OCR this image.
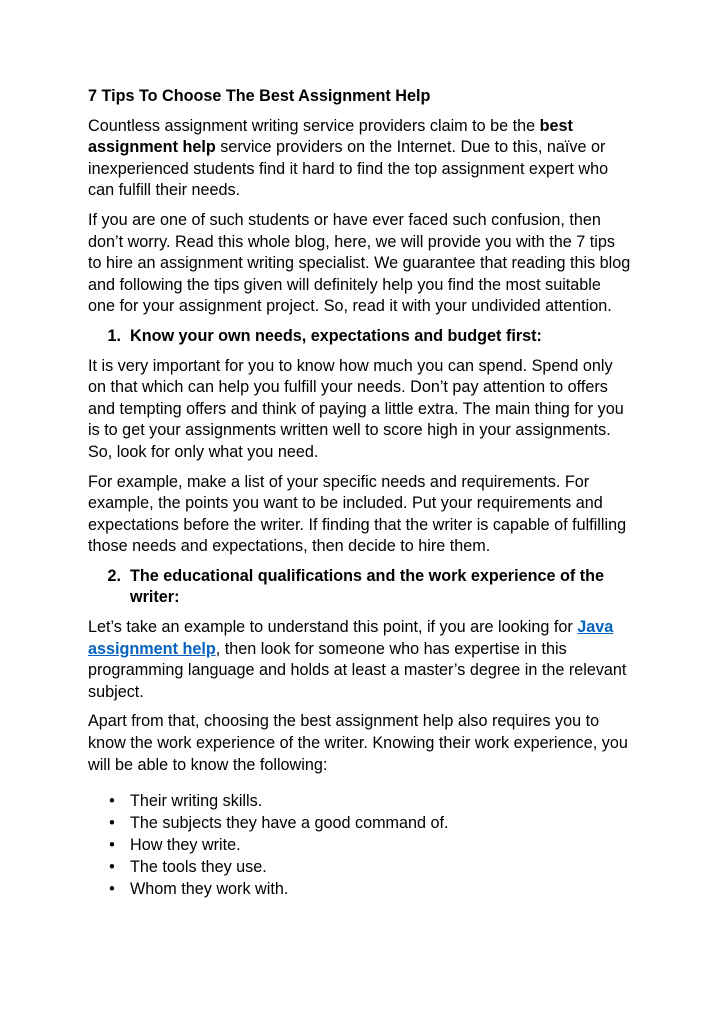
7 Tips To Choose The Best Assignment Help

Countless assignment writing service providers claim to be the best assignment help service providers on the Internet. Due to this, naïve or inexperienced students find it hard to find the top assignment expert who can fulfill their needs.

If you are one of such students or have ever faced such confusion, then don’t worry. Read this whole blog, here, we will provide you with the 7 tips to hire an assignment writing specialist. We guarantee that reading this blog and following the tips given will definitely help you find the most suitable one for your assignment project. So, read it with your undivided attention.

1. Know your own needs, expectations and budget first:

It is very important for you to know how much you can spend. Spend only on that which can help you fulfill your needs. Don’t pay attention to offers and tempting offers and think of paying a little extra. The main thing for you is to get your assignments written well to score high in your assignments. So, look for only what you need.

For example, make a list of your specific needs and requirements. For example, the points you want to be included. Put your requirements and expectations before the writer. If finding that the writer is capable of fulfilling those needs and expectations, then decide to hire them.

2. The educational qualifications and the work experience of the writer:

Let’s take an example to understand this point, if you are looking for Java assignment help, then look for someone who has expertise in this programming language and holds at least a master’s degree in the relevant subject.

Apart from that, choosing the best assignment help also requires you to know the work experience of the writer. Knowing their work experience, you will be able to know the following:

• Their writing skills.
• The subjects they have a good command of.
• How they write.
• The tools they use.
• Whom they work with.
